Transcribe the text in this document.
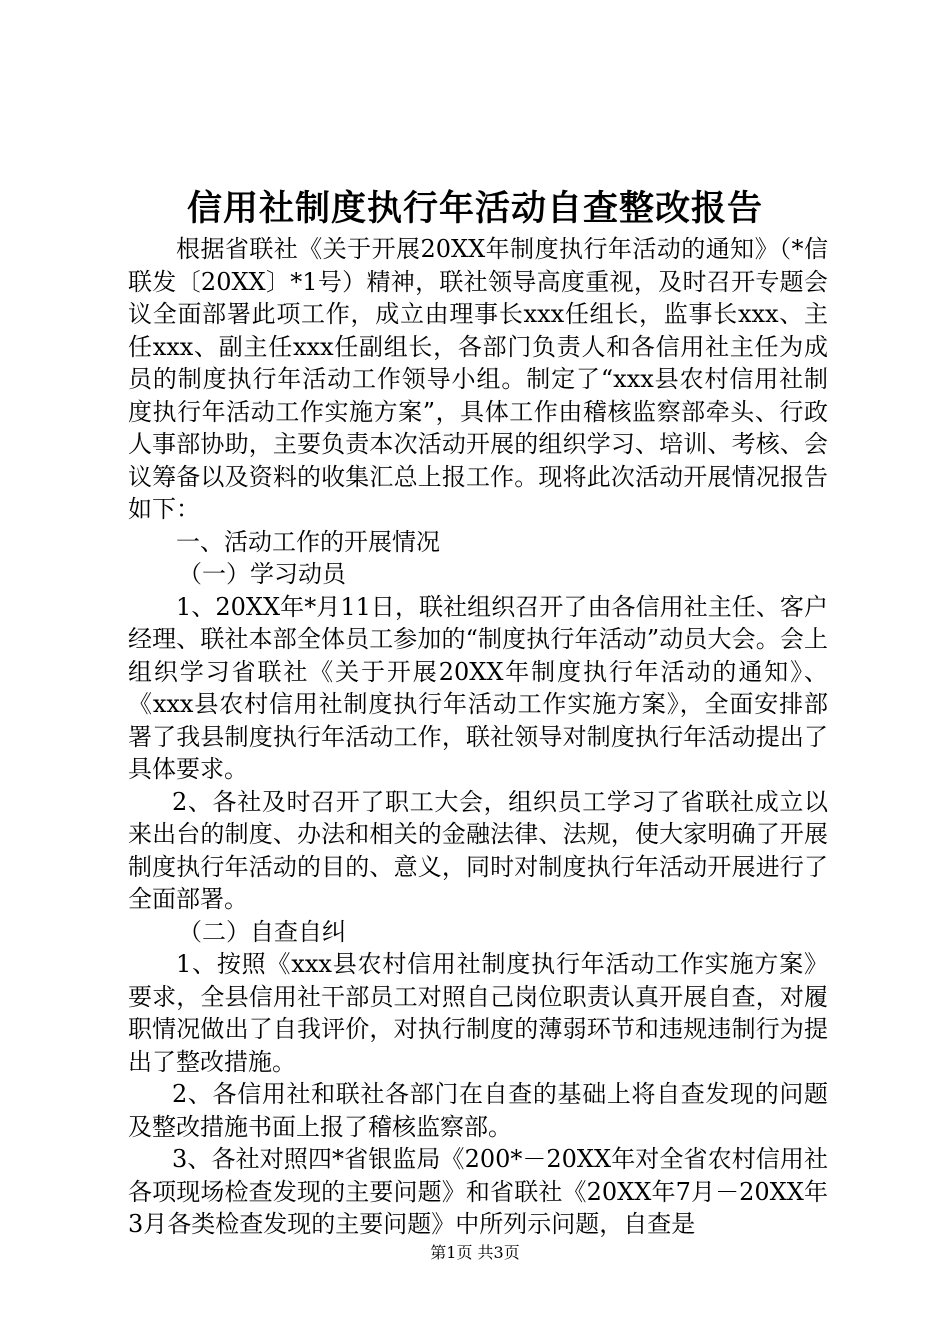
信用社制度执行年活动自查整改报告

根据省联社《关于开展20XX年制度执行年活动的通知》（*信联发〔20XX〕*1号）精神，联社领导高度重视，及时召开专题会议全面部署此项工作，成立由理事长xxx任组长，监事长xxx、主任xxx、副主任xxx任副组长，各部门负责人和各信用社主任为成员的制度执行年活动工作领导小组。制定了“xxx县农村信用社制度执行年活动工作实施方案”，具体工作由稽核监察部牵头、行政人事部协助，主要负责本次活动开展的组织学习、培训、考核、会议筹备以及资料的收集汇总上报工作。现将此次活动开展情况报告如下：

一、活动工作的开展情况

（一）学习动员

1、20XX年*月11日，联社组织召开了由各信用社主任、客户经理、联社本部全体员工参加的“制度执行年活动”动员大会。会上组织学习省联社《关于开展20XX年制度执行年活动的通知》、《xxx县农村信用社制度执行年活动工作实施方案》，全面安排部署了我县制度执行年活动工作，联社领导对制度执行年活动提出了具体要求。

2、各社及时召开了职工大会，组织员工学习了省联社成立以来出台的制度、办法和相关的金融法律、法规，使大家明确了开展制度执行年活动的目的、意义，同时对制度执行年活动开展进行了全面部署。

（二）自查自纠

1、按照《xxx县农村信用社制度执行年活动工作实施方案》要求，全县信用社干部员工对照自己岗位职责认真开展自查，对履职情况做出了自我评价，对执行制度的薄弱环节和违规违制行为提出了整改措施。

2、各信用社和联社各部门在自查的基础上将自查发现的问题及整改措施书面上报了稽核监察部。

3、各社对照四*省银监局《200*－20XX年对全省农村信用社各项现场检查发现的主要问题》和省联社《20XX年7月－20XX年3月各类检查发现的主要问题》中所列示问题，自查是

第1页 共3页
